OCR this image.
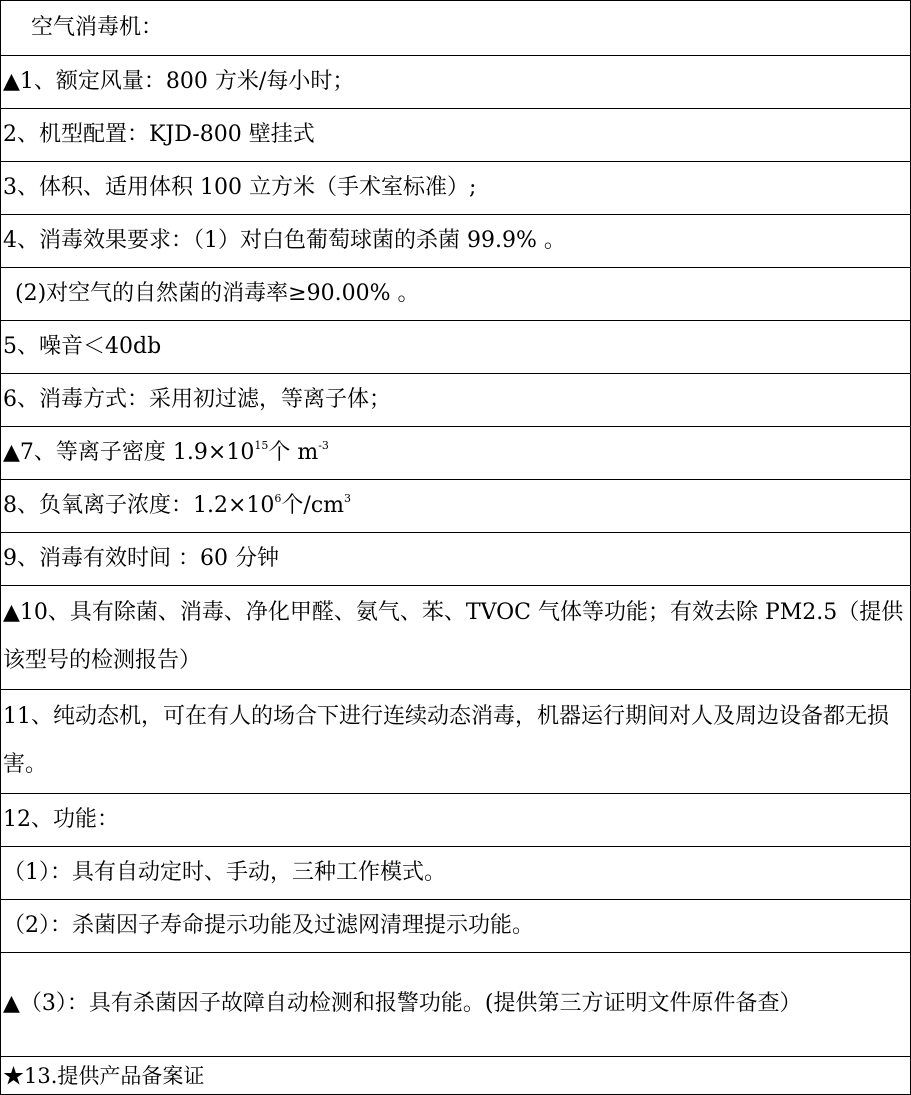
空气消毒机：
▲1、额定风量：800 方米/每小时；
2、机型配置：KJD-800 壁挂式
3、体积、适用体积 100 立方米（手术室标准）;
4、消毒效果要求：（1）对白色葡萄球菌的杀菌 99.9% 。
(2)对空气的自然菌的消毒率≥90.00% 。
5、噪音＜40db
6、消毒方式：采用初过滤，等离子体；
▲7、等离子密度 $1.9\times 10^{15}$个 $m^{-3}$
8、负氧离子浓度：$1.2\times 10^6$个$/cm^3$
9、消毒有效时间 ：60 分钟
▲10、具有除菌、消毒、净化甲醛、氨气、苯、TVOC 气体等功能；有效去除 PM2.5（提供该型号的检测报告）
11、纯动态机，可在有人的场合下进行连续动态消毒，机器运行期间对人及周边设备都无损害。
12、功能：
（1）：具有自动定时、手动，三种工作模式。
（2）：杀菌因子寿命提示功能及过滤网清理提示功能。
▲（3）：具有杀菌因子故障自动检测和报警功能。(提供第三方证明文件原件备查）
★13.提供产品备案证
